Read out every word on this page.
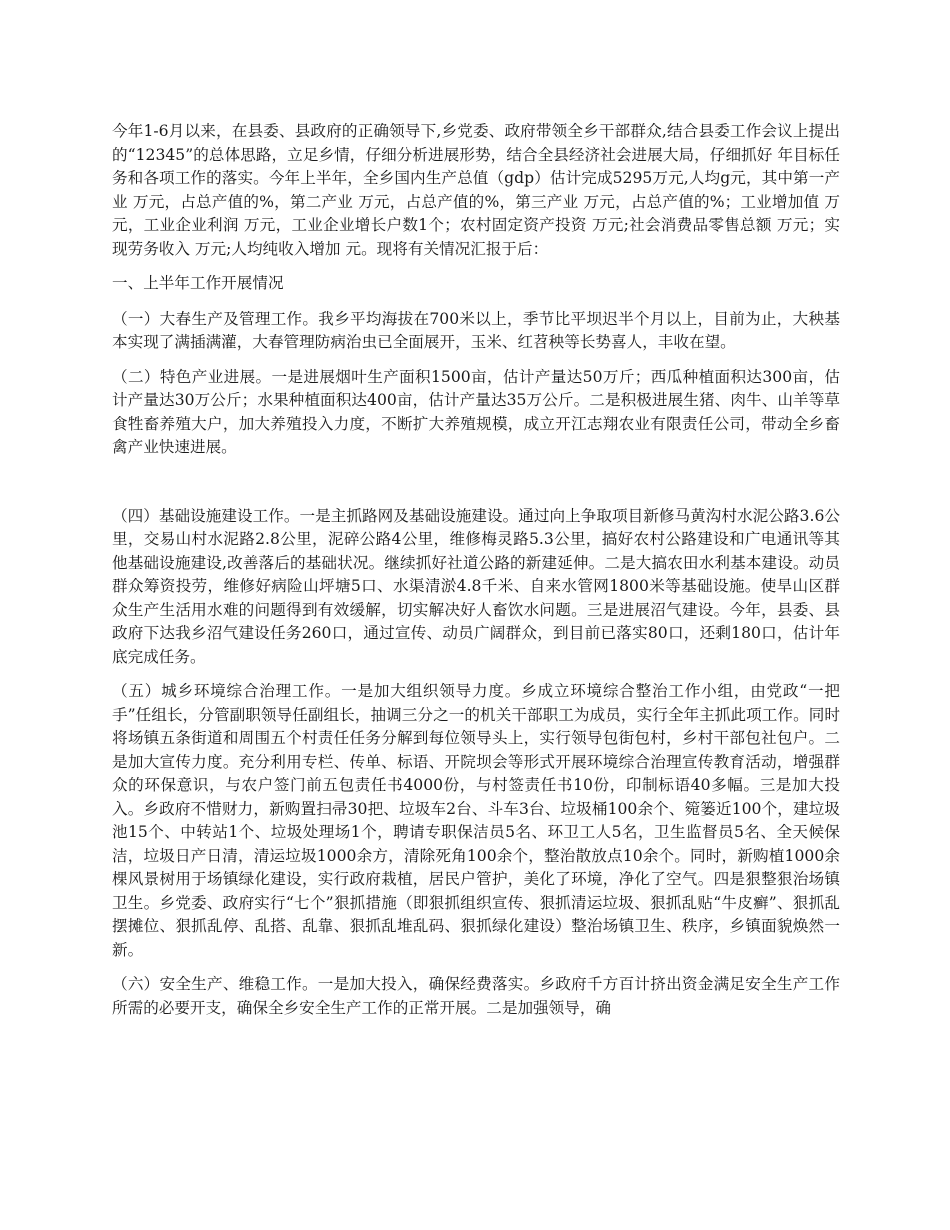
今年1-6月以来，在县委、县政府的正确领导下,乡党委、政府带领全乡干部群众,结合县委工作会议上提出的“12345”的总体思路，立足乡情，仔细分析进展形势，结合全县经济社会进展大局，仔细抓好 年目标任务和各项工作的落实。今年上半年，全乡国内生产总值（gdp）估计完成5295万元,人均g元，其中第一产业 万元，占总产值的%，第二产业 万元，占总产值的%，第三产业 万元，占总产值的%；工业增加值 万元，工业企业利润 万元，工业企业增长户数1个；农村固定资产投资 万元;社会消费品零售总额 万元；实现劳务收入 万元;人均纯收入增加 元。现将有关情况汇报于后：

一、上半年工作开展情况

（一）大春生产及管理工作。我乡平均海拔在700米以上，季节比平坝迟半个月以上，目前为止，大秧基本实现了满插满灌，大春管理防病治虫已全面展开，玉米、红苕秧等长势喜人，丰收在望。

（二）特色产业进展。一是进展烟叶生产面积1500亩，估计产量达50万斤；西瓜种植面积达300亩，估计产量达30万公斤；水果种植面积达400亩，估计产量达35万公斤。二是积极进展生猪、肉牛、山羊等草食牲畜养殖大户，加大养殖投入力度，不断扩大养殖规模，成立开江志翔农业有限责任公司，带动全乡畜禽产业快速进展。

（四）基础设施建设工作。一是主抓路网及基础设施建设。通过向上争取项目新修马黄沟村水泥公路3.6公里，交易山村水泥路2.8公里，泥碎公路4公里，维修梅灵路5.3公里，搞好农村公路建设和广电通讯等其他基础设施建设,改善落后的基础状况。继续抓好社道公路的新建延伸。二是大搞农田水利基本建设。动员群众筹资投劳，维修好病险山坪塘5口、水渠清淤4.8千米、自来水管网1800米等基础设施。使旱山区群众生产生活用水难的问题得到有效缓解，切实解决好人畜饮水问题。三是进展沼气建设。今年，县委、县政府下达我乡沼气建设任务260口，通过宣传、动员广阔群众，到目前已落实80口，还剩180口，估计年底完成任务。

（五）城乡环境综合治理工作。一是加大组织领导力度。乡成立环境综合整治工作小组，由党政“一把手”任组长，分管副职领导任副组长，抽调三分之一的机关干部职工为成员，实行全年主抓此项工作。同时将场镇五条街道和周围五个村责任任务分解到每位领导头上，实行领导包街包村，乡村干部包社包户。二是加大宣传力度。充分利用专栏、传单、标语、开院坝会等形式开展环境综合治理宣传教育活动，增强群众的环保意识，与农户签门前五包责任书4000份，与村签责任书10份，印制标语40多幅。三是加大投入。乡政府不惜财力，新购置扫帚30把、垃圾车2台、斗车3台、垃圾桶100余个、箢篓近100个，建垃圾池15个、中转站1个、垃圾处理场1个，聘请专职保洁员5名、环卫工人5名，卫生监督员5名、全天候保洁，垃圾日产日清，清运垃圾1000余方，清除死角100余个，整治散放点10余个。同时，新购植1000余棵风景树用于场镇绿化建设，实行政府栽植，居民户管护，美化了环境，净化了空气。四是狠整狠治场镇卫生。乡党委、政府实行“七个”狠抓措施（即狠抓组织宣传、狠抓清运垃圾、狠抓乱贴“牛皮癣”、狠抓乱摆摊位、狠抓乱停、乱搭、乱靠、狠抓乱堆乱码、狠抓绿化建设）整治场镇卫生、秩序，乡镇面貌焕然一新。

（六）安全生产、维稳工作。一是加大投入，确保经费落实。乡政府千方百计挤出资金满足安全生产工作所需的必要开支，确保全乡安全生产工作的正常开展。二是加强领导，确
